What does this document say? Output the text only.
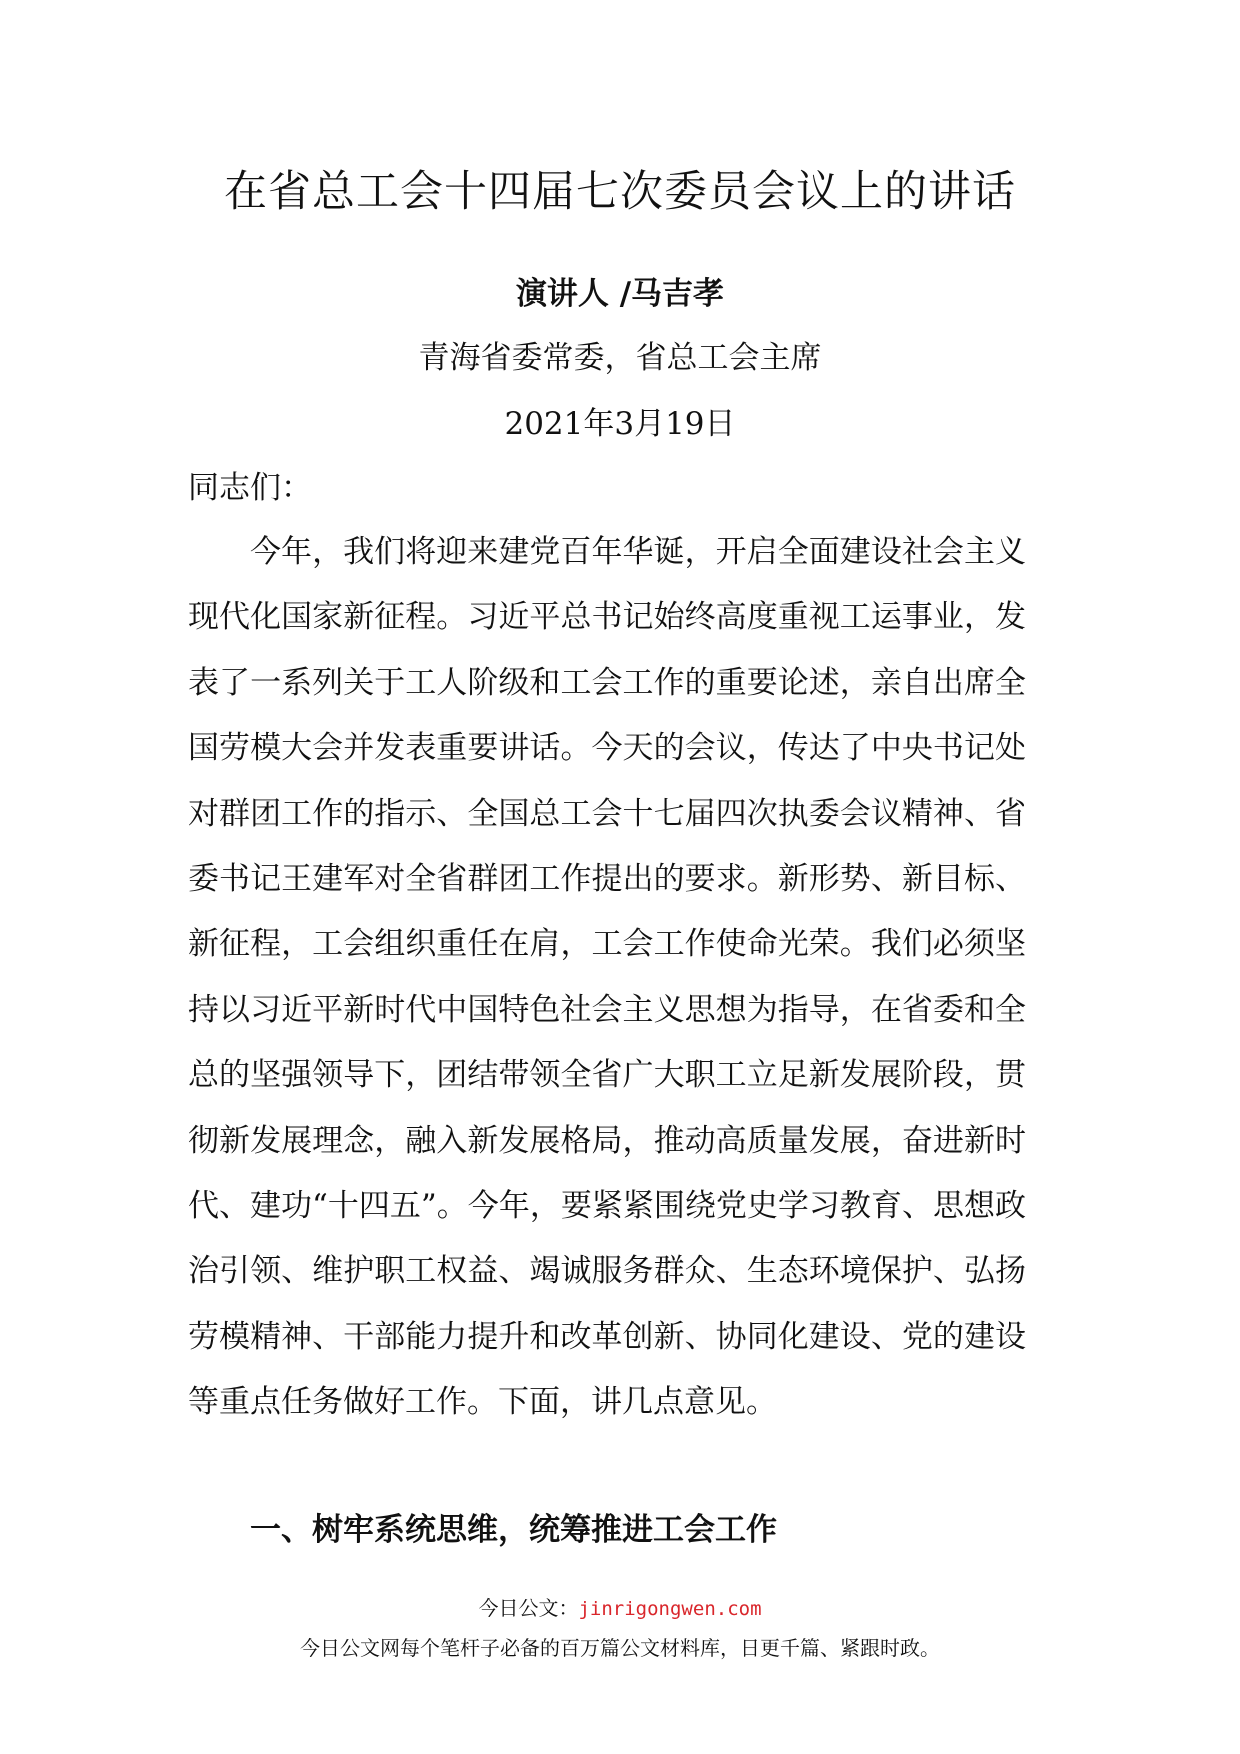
在省总工会十四届七次委员会议上的讲话
演讲人 /马吉孝
青海省委常委，省总工会主席
2021年3月19日
同志们：

今年，我们将迎来建党百年华诞，开启全面建设社会主义现代化国家新征程。习近平总书记始终高度重视工运事业，发表了一系列关于工人阶级和工会工作的重要论述，亲自出席全国劳模大会并发表重要讲话。今天的会议，传达了中央书记处对群团工作的指示、全国总工会十七届四次执委会议精神、省委书记王建军对全省群团工作提出的要求。新形势、新目标、新征程，工会组织重任在肩，工会工作使命光荣。我们必须坚持以习近平新时代中国特色社会主义思想为指导，在省委和全总的坚强领导下，团结带领全省广大职工立足新发展阶段，贯彻新发展理念，融入新发展格局，推动高质量发展，奋进新时代、建功“十四五”。今年，要紧紧围绕党史学习教育、思想政治引领、维护职工权益、竭诚服务群众、生态环境保护、弘扬劳模精神、干部能力提升和改革创新、协同化建设、党的建设等重点任务做好工作。下面，讲几点意见。

一、树牢系统思维，统筹推进工会工作
今日公文：jinrigongwen.com
今日公文网每个笔杆子必备的百万篇公文材料库，日更千篇、紧跟时政。
